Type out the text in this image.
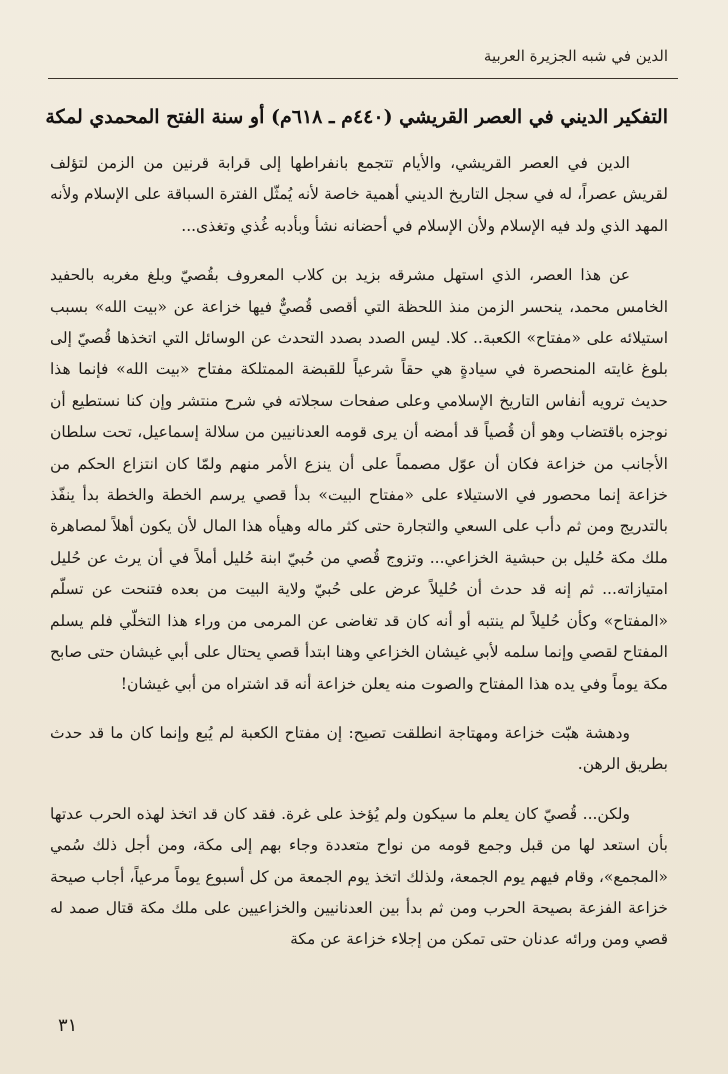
الدين في شبه الجزيرة العربية
التفكير الديني في العصر القريشي (٤٤٠م ـ ٦١٨م) أو سنة الفتح المحمدي لمكة

الدين في العصر القريشي، والأيام تتجمع بانفراطها إلى قرابة قرنين من الزمن لتؤلف لقريش عصراً، له في سجل التاريخ الديني أهمية خاصة لأنه يُمثّل الفترة السباقة على الإسلام ولأنه المهد الذي ولد فيه الإسلام ولأن الإسلام في أحضانه نشأ وبأدبه غُذي وتغذى...

عن هذا العصر، الذي استهل مشرقه بزيد بن كلاب المعروف بقُصيّ وبلغ مغربه بالحفيد الخامس محمد، ينحسر الزمن منذ اللحظة التي أقصى قُصيٌّ فيها خزاعة عن «بيت الله» بسبب استيلائه على «مفتاح» الكعبة.. كلا. ليس الصدد بصدد التحدث عن الوسائل التي اتخذها قُصيّ إلى بلوغ غايته المنحصرة في سيادةٍ هي حقاً شرعياً للقبضة الممتلكة مفتاح «بيت الله» فإنما هذا حديث ترويه أنفاس التاريخ الإسلامي وعلى صفحات سجلاته في شرح منتشر وإن كنا نستطيع أن نوجزه باقتضاب وهو أن قُصياً قد أمضه أن يرى قومه العدنانيين من سلالة إسماعيل، تحت سلطان الأجانب من خزاعة فكان أن عوّل مصمماً على أن ينزع الأمر منهم ولمّا كان انتزاع الحكم من خزاعة إنما محصور في الاستيلاء على «مفتاح البيت» بدأ قصي يرسم الخطة والخطة بدأ ينفّذ بالتدريج ومن ثم دأب على السعي والتجارة حتى كثر ماله وهيأه هذا المال لأن يكون أهلاً لمصاهرة ملك مكة حُليل بن حبشية الخزاعي... وتزوج قُصي من حُبيّ ابنة حُليل أملاً في أن يرث عن حُليل امتيازاته... ثم إنه قد حدث أن حُليلاً عرض على حُبيّ ولاية البيت من بعده فتنحت عن تسلّم «المفتاح» وكأن حُليلاً لم ينتبه أو أنه كان قد تغاضى عن المرمى من وراء هذا التخلّي فلم يسلم المفتاح لقصي وإنما سلمه لأبي غيشان الخزاعي وهنا ابتدأ قصي يحتال على أبي غيشان حتى صابح مكة يوماً وفي يده هذا المفتاح والصوت منه يعلن خزاعة أنه قد اشتراه من أبي غيشان!

ودهشة هبّت خزاعة ومهتاجة انطلقت تصيح: إن مفتاح الكعبة لم يُبع وإنما كان ما قد حدث بطريق الرهن.

ولكن... قُصيّ كان يعلم ما سيكون ولم يُؤخذ على غرة. فقد كان قد اتخذ لهذه الحرب عدتها بأن استعد لها من قبل وجمع قومه من نواح متعددة وجاء بهم إلى مكة، ومن أجل ذلك سُمي «المجمع»، وقام فيهم يوم الجمعة، ولذلك اتخذ يوم الجمعة من كل أسبوع يوماً مرعياً، أجاب صيحة خزاعة الفزعة بصيحة الحرب ومن ثم بدأ بين العدنانيين والخزاعيين على ملك مكة قتال صمد له قصي ومن ورائه عدنان حتى تمكن من إجلاء خزاعة عن مكة

٣١
